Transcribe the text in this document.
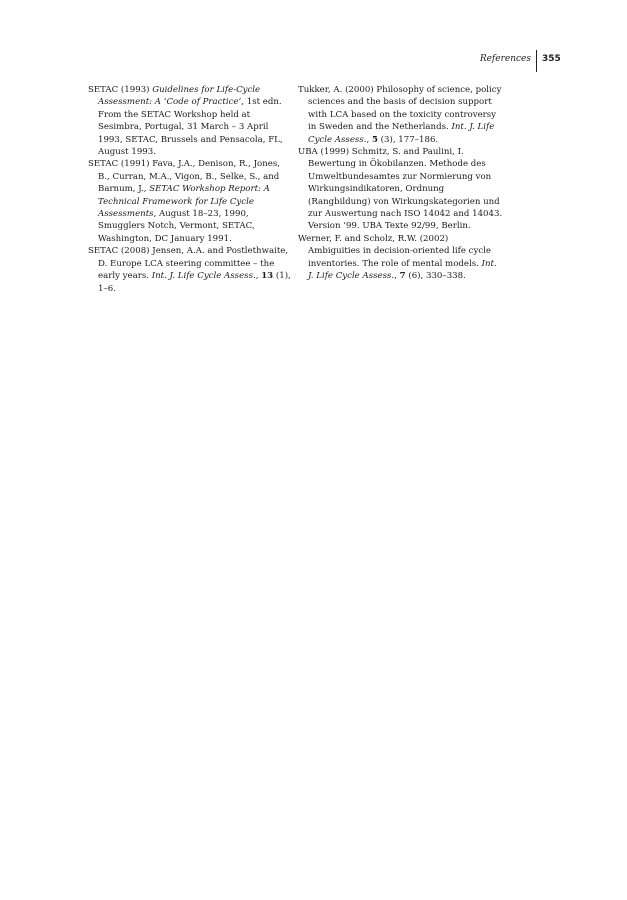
References 355

SETAC (1993) Guidelines for Life-Cycle Assessment: A ‘Code of Practice’, 1st edn. From the SETAC Workshop held at Sesimbra, Portugal, 31 March – 3 April 1993, SETAC, Brussels and Pensacola, FL, August 1993.

SETAC (1991) Fava, J.A., Denison, R., Jones, B., Curran, M.A., Vigon, B., Selke, S., and Barnum, J., SETAC Workshop Report: A Technical Framework for Life Cycle Assessments, August 18–23, 1990, Smugglers Notch, Vermont, SETAC, Washington, DC January 1991.

SETAC (2008) Jensen, A.A. and Postlethwaite, D. Europe LCA steering committee – the early years. Int. J. Life Cycle Assess., 13 (1), 1–6.

Tukker, A. (2000) Philosophy of science, policy sciences and the basis of decision support with LCA based on the toxicity controversy in Sweden and the Netherlands. Int. J. Life Cycle Assess., 5 (3), 177–186.

UBA (1999) Schmitz, S. and Paulini, I. Bewertung in Ökobilanzen. Methode des Umweltbundesamtes zur Normierung von Wirkungsindikatoren, Ordnung (Rangbildung) von Wirkungskategorien und zur Auswertung nach ISO 14042 and 14043. Version ’99. UBA Texte 92/99, Berlin.

Werner, F. and Scholz, R.W. (2002) Ambiguities in decision-oriented life cycle inventories. The role of mental models. Int. J. Life Cycle Assess., 7 (6), 330–338.
